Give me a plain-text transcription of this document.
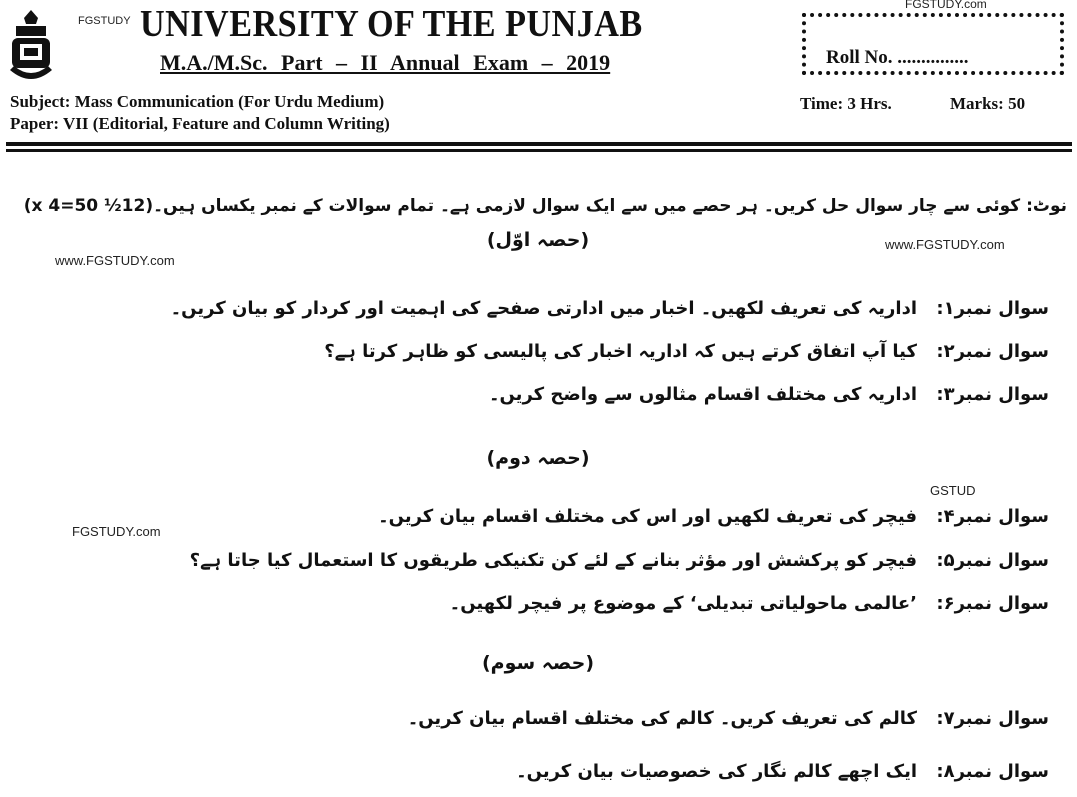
FGSTUDY
FGSTUDY.com
UNIVERSITY OF THE PUNJAB
M.A./M.Sc. Part – II Annual Exam – 2019	Roll No. ...............
Subject: Mass Communication (For Urdu Medium)
Paper: VII (Editorial, Feature and Column Writing)
Time: 3 Hrs.	Marks: 50
نوٹ: کوئی سے چار سوال حل کریں۔ ہر حصے میں سے ایک سوال لازمی ہے۔ تمام سوالات کے نمبر یکساں ہیں۔(12½ x 4=50)
www.FGSTUDY.com
www.FGSTUDY.com
FGSTUDY.com
GSTUD
(حصہ اوّل)
سوال نمبر۱:
اداریہ کی تعریف لکھیں۔ اخبار میں ادارتی صفحے کی اہمیت اور کردار کو بیان کریں۔
سوال نمبر۲:
کیا آپ اتفاق کرتے ہیں کہ اداریہ اخبار کی پالیسی کو ظاہر کرتا ہے؟
سوال نمبر۳:
اداریہ کی مختلف اقسام مثالوں سے واضح کریں۔
(حصہ دوم)
سوال نمبر۴:
فیچر کی تعریف لکھیں اور اس کی مختلف اقسام بیان کریں۔
سوال نمبر۵:
فیچر کو پرکشش اور مؤثر بنانے کے لئے کن تکنیکی طریقوں کا استعمال کیا جاتا ہے؟
سوال نمبر۶:
’عالمی ماحولیاتی تبدیلی‘ کے موضوع پر فیچر لکھیں۔
(حصہ سوم)
سوال نمبر۷:
کالم کی تعریف کریں۔ کالم کی مختلف اقسام بیان کریں۔
سوال نمبر۸:
ایک اچھے کالم نگار کی خصوصیات بیان کریں۔
